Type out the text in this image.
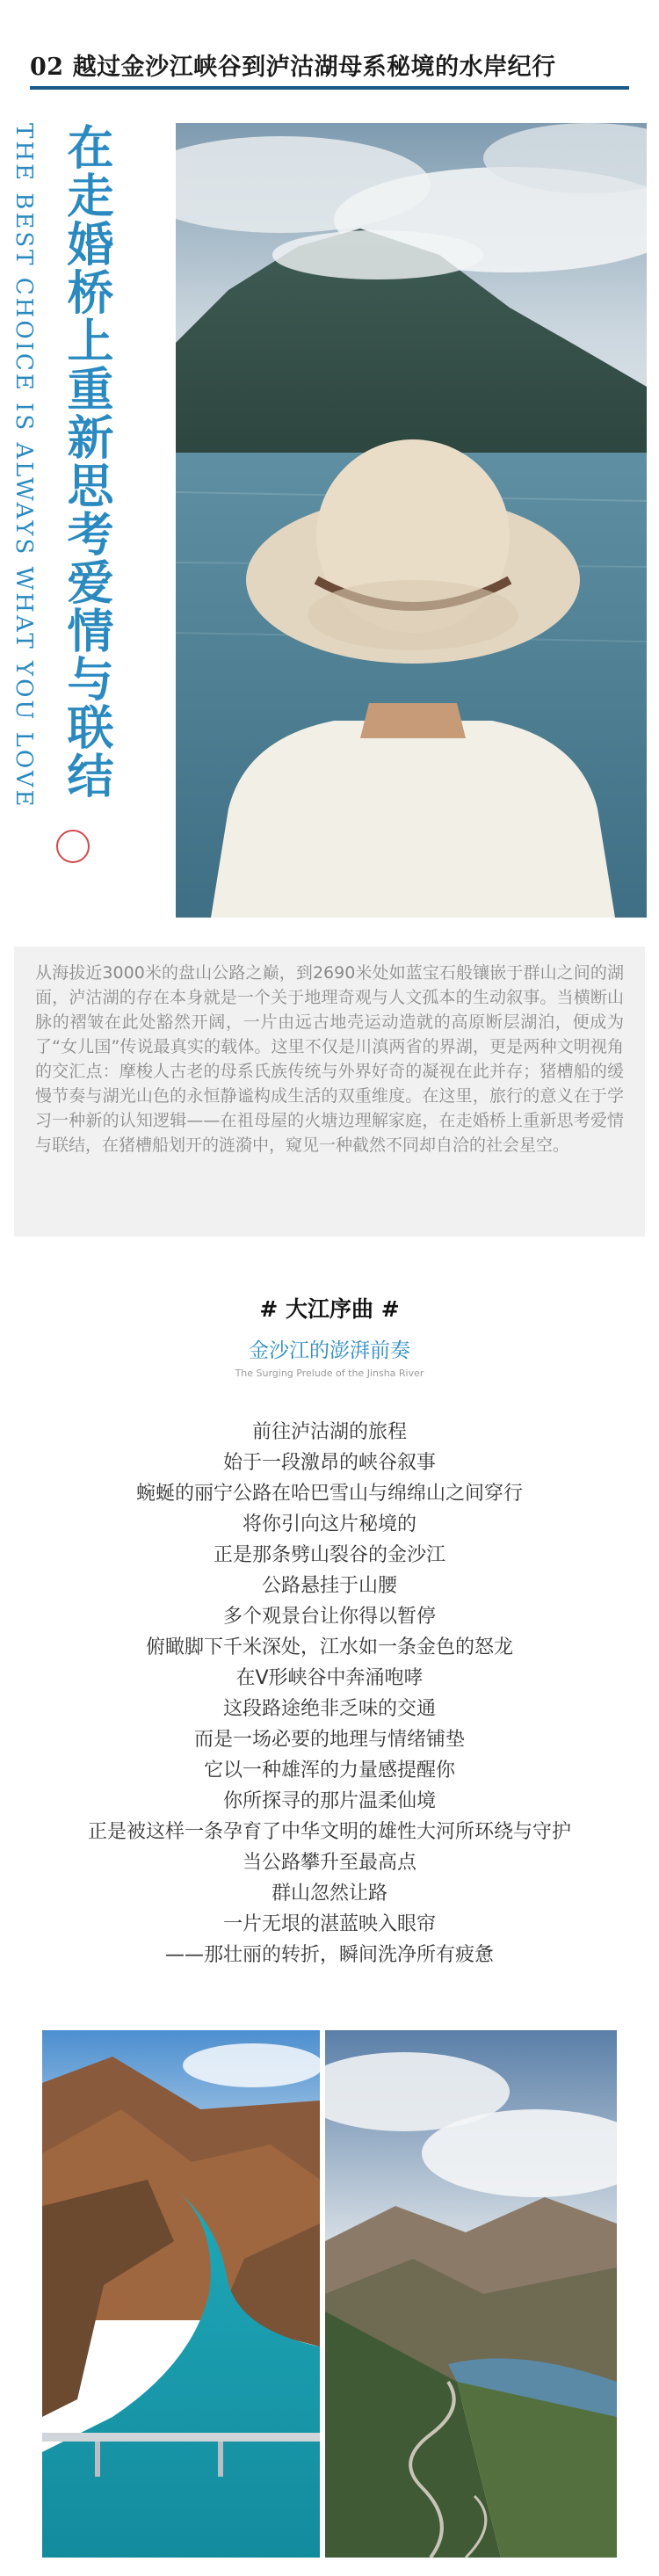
02 越过金沙江峡谷到泸沽湖母系秘境的水岸纪行
THE BEST CHOICE IS ALWAYS WHAT YOU LOVE 在走婚桥上重新思考爱情与联结

从海拔近3000米的盘山公路之巅，到2690米处如蓝宝石般镶嵌于群山之间的湖面，泸沽湖的存在本身就是一个关于地理奇观与人文孤本的生动叙事。当横断山脉的褶皱在此处豁然开阔，一片由远古地壳运动造就的高原断层湖泊，便成为了“女儿国”传说最真实的载体。这里不仅是川滇两省的界湖，更是两种文明视角的交汇点：摩梭人古老的母系氏族传统与外界好奇的凝视在此并存；猪槽船的缓慢节奏与湖光山色的永恒静谧构成生活的双重维度。在这里，旅行的意义在于学习一种新的认知逻辑——在祖母屋的火塘边理解家庭，在走婚桥上重新思考爱情与联结，在猪槽船划开的涟漪中，窥见一种截然不同却自洽的社会星空。

# 大江序曲 #
金沙江的澎湃前奏
The Surging Prelude of the Jinsha River
前往泸沽湖的旅程
始于一段激昂的峡谷叙事
蜿蜒的丽宁公路在哈巴雪山与绵绵山之间穿行
将你引向这片秘境的
正是那条劈山裂谷的金沙江
公路悬挂于山腰
多个观景台让你得以暂停
俯瞰脚下千米深处，江水如一条金色的怒龙
在V形峡谷中奔涌咆哮
这段路途绝非乏味的交通
而是一场必要的地理与情绪铺垫
它以一种雄浑的力量感提醒你
你所探寻的那片温柔仙境
正是被这样一条孕育了中华文明的雄性大河所环绕与守护
当公路攀升至最高点
群山忽然让路
一片无垠的湛蓝映入眼帘
——那壮丽的转折，瞬间洗净所有疲惫
